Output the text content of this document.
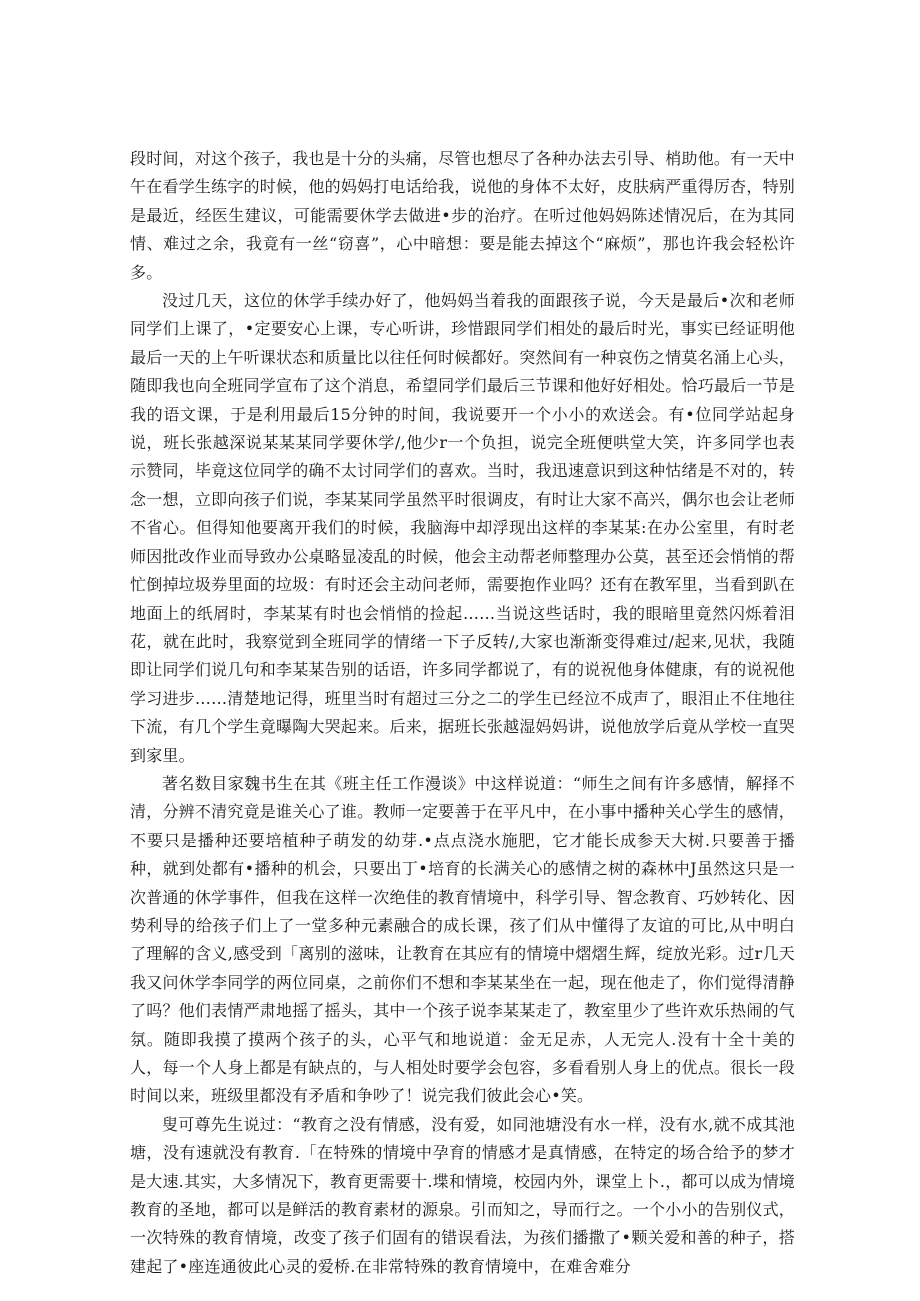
段时间，对这个孩子，我也是十分的头痛，尽管也想尽了各种办法去引导、梢助他。有一天中午在看学生练字的时候，他的妈妈打电话给我，说他的身体不太好，皮肤病严重得厉杏，特别是最近，经医生建议，可能需要休学去做进•步的治疗。在听过他妈妈陈述情况后，在为其同情、难过之余，我竟有一丝“窃喜”，心中暗想：要是能去掉这个“麻烦”，那也许我会轻松许多。

没过几天，这位的休学手续办好了，他妈妈当着我的面跟孩子说，今天是最后•次和老师同学们上课了，•定要安心上课，专心听讲，珍惜跟同学们相处的最后时光，事实已经证明他最后一天的上午听课状态和质量比以往任何时候都好。突然间有一种哀伤之情莫名涌上心头，随即我也向全班同学宣布了这个消息，希望同学们最后三节课和他好好相处。恰巧最后一节是我的语文课，于是利用最后15分钟的时间，我说要开一个小小的欢送会。有•位同学站起身说，班长张越深说某某某同学要休学/,他少r一个负担，说完全班便哄堂大笑，许多同学也表示赞同，毕竟这位同学的确不太讨同学们的喜欢。当时，我迅速意识到这种怙绪是不对的，转念一想，立即向孩子们说，李某某同学虽然平时很调皮，有时让大家不高兴，偶尔也会让老师不省心。但得知他要离开我们的时候，我脑海中却浮现出这样的李某某:在办公室里，有时老师因批改作业而导致办公桌略显凌乱的时候，他会主动帮老师整理办公莫，甚至还会悄悄的帮忙倒掉垃圾券里面的垃圾：有时还会主动问老师，需要抱作业吗？还有在教军里，当看到趴在地面上的纸屑时，李某某有时也会悄悄的捡起……当说这些话时，我的眼暗里竟然闪烁着泪花，就在此时，我察觉到全班同学的情绪一下子反转/,大家也渐渐变得难过/起来,见状，我随即让同学们说几句和李某某告别的话语，许多同学都说了，有的说祝他身体健康，有的说祝他学习进步……清楚地记得，班里当时有超过三分之二的学生已经泣不成声了，眼泪止不住地往下流，有几个学生竟曝陶大哭起来。后来，据班长张越湿妈妈讲，说他放学后竟从学校一直哭到家里。

著名数目家魏书生在其《班主任工作漫谈》中这样说道：“师生之间有许多感情，解择不清，分辨不清究竟是谁关心了谁。教师一定要善于在平凡中，在小事中播种关心学生的感情，不要只是播种还要培植种子萌发的幼芽.•点点浇水施肥，它才能长成参天大树.只要善于播种，就到处都有•播种的机会，只要出丁•培育的长满关心的感情之树的森林中J虽然这只是一次普通的休学事件，但我在这样一次绝佳的教育情境中，科学引导、智念教育、巧妙转化、因势利导的给孩子们上了一堂多种元素融合的成长课，孩了们从中懂得了友谊的可比,从中明白了理解的含义,感受到「离别的滋味，让教育在其应有的情境中熠熠生辉，绽放光彩。过r几天我又问休学李同学的两位同桌，之前你们不想和李某某坐在一起，现在他走了，你们觉得清静了吗？他们表情严肃地摇了摇头，其中一个孩子说李某某走了，教室里少了些许欢乐热闹的气氛。随即我摸了摸两个孩子的头，心平气和地说道：金无足赤，人无完人.没有十全十美的人，每一个人身上都是有缺点的，与人相处时要学会包容，多看看别人身上的优点。很长一段时间以来，班级里都没有矛盾和争吵了！说完我们彼此会心•笑。

叟可尊先生说过：“教育之没有情感，没有爱，如同池塘没有水一样，没有水,就不成其池塘，没有速就没有教育.「在特殊的情境中孕育的情感才是真情感，在特定的场合给予的梦才是大速.其实，大多情况下，教育更需要十.堞和情境，校园内外，课堂上卜.，都可以成为情境教育的圣地，都可以是鲜活的教育素材的源泉。引而知之，导而行之。一个小小的告别仪式，一次特殊的教育情境，改变了孩子们固有的错误看法，为孩们播撒了•颗关爱和善的种子，搭建起了•座连通彼此心灵的爱桥.在非常特殊的教育情境中，在难舍难分
